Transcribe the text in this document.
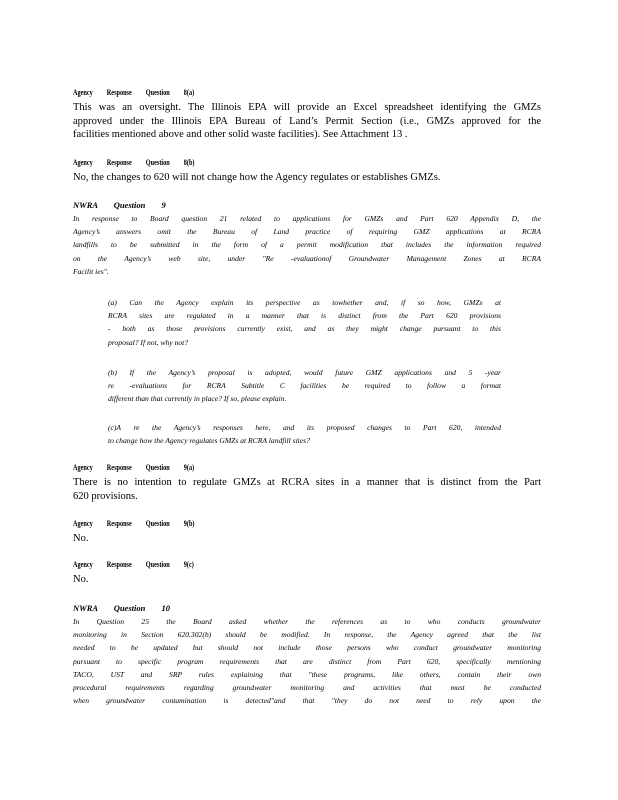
Agency Response Question 8(a)
This was an oversight. The Illinois EPA will provide an Excel spreadsheet identifying the GMZs
approved under the Illinois EPA Bureau of Land’s Permit Section (i.e., GMZs approved for the
facilities mentioned above and other solid waste facilities). See Attachment 13 .
Agency Response Question 8(b)
No, the changes to 620 will not change how the Agency regulates or establishes GMZs.
NWRA Question 9

In response to Board question 21 related to applications for GMZs and Part 620 Appendix D, the

Agency’s answers omit the Bureau of Land practice of requiring GMZ applications at RCRA

landfills to be submitted in the form of a permit modification that includes the information required

on the Agency’s web site, under "Re -evaluationof Groundwater Management Zones at RCRA

Facilit ies".

(a) Can the Agency explain its perspective as towhether and, if so how, GMZs at

RCRA sites are regulated in a manner that is distinct from the Part 620 provisions

- both as those provisions currently exist, and as they might change pursuant to this

proposal? If not, why not?

(b) If the Agency’s proposal is adopted, would future GMZ applications and 5 -year

re -evaluations for RCRA Subtitle C facilities be required to follow a format

different than that currently in place? If so, please explain.

(c)A re the Agency’s responses here, and its proposed changes to Part 620, intended

to change how the Agency regulates GMZs at RCRA landfill sites?

Agency Response Question 9(a)
There is no intention to regulate GMZs at RCRA sites in a manner that is distinct from the Part
620 provisions.
Agency Response Question 9(b)
No.
Agency Response Question 9(c)
No.
NWRA Question 10

In Question 25 the Board asked whether the references as to who conducts groundwater

monitoring in Section 620.302(b) should be modified. In response, the Agency agreed that the list

needed to be updated but should not include those persons who conduct groundwater monitoring

pursuant to specific program requirements that are distinct from Part 620, specifically mentioning

TACO, UST and SRP rules explaining that "these programs, like others, contain their own

procedural requirements regarding groundwater monitoring and activities that must be conducted

when groundwater contamination is detected"and that "they do not need to rely upon the
